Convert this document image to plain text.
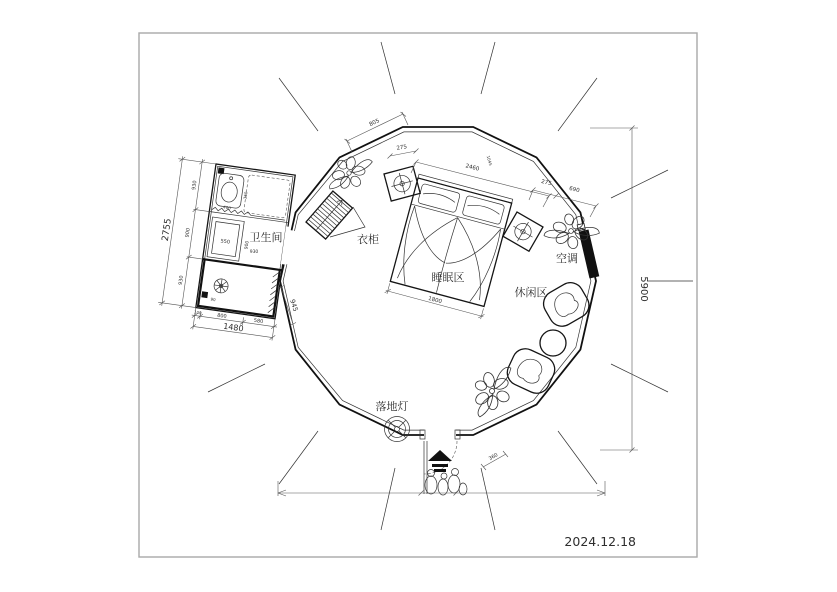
550
400
350
900
90
930
900
930
2755
100
800
580
1480
卫生间
930
945
衣柜
1800
睡眠区
空调
休闲区
落地灯
360
805
275
2460
1045
275
690
5900
2024.12.18
